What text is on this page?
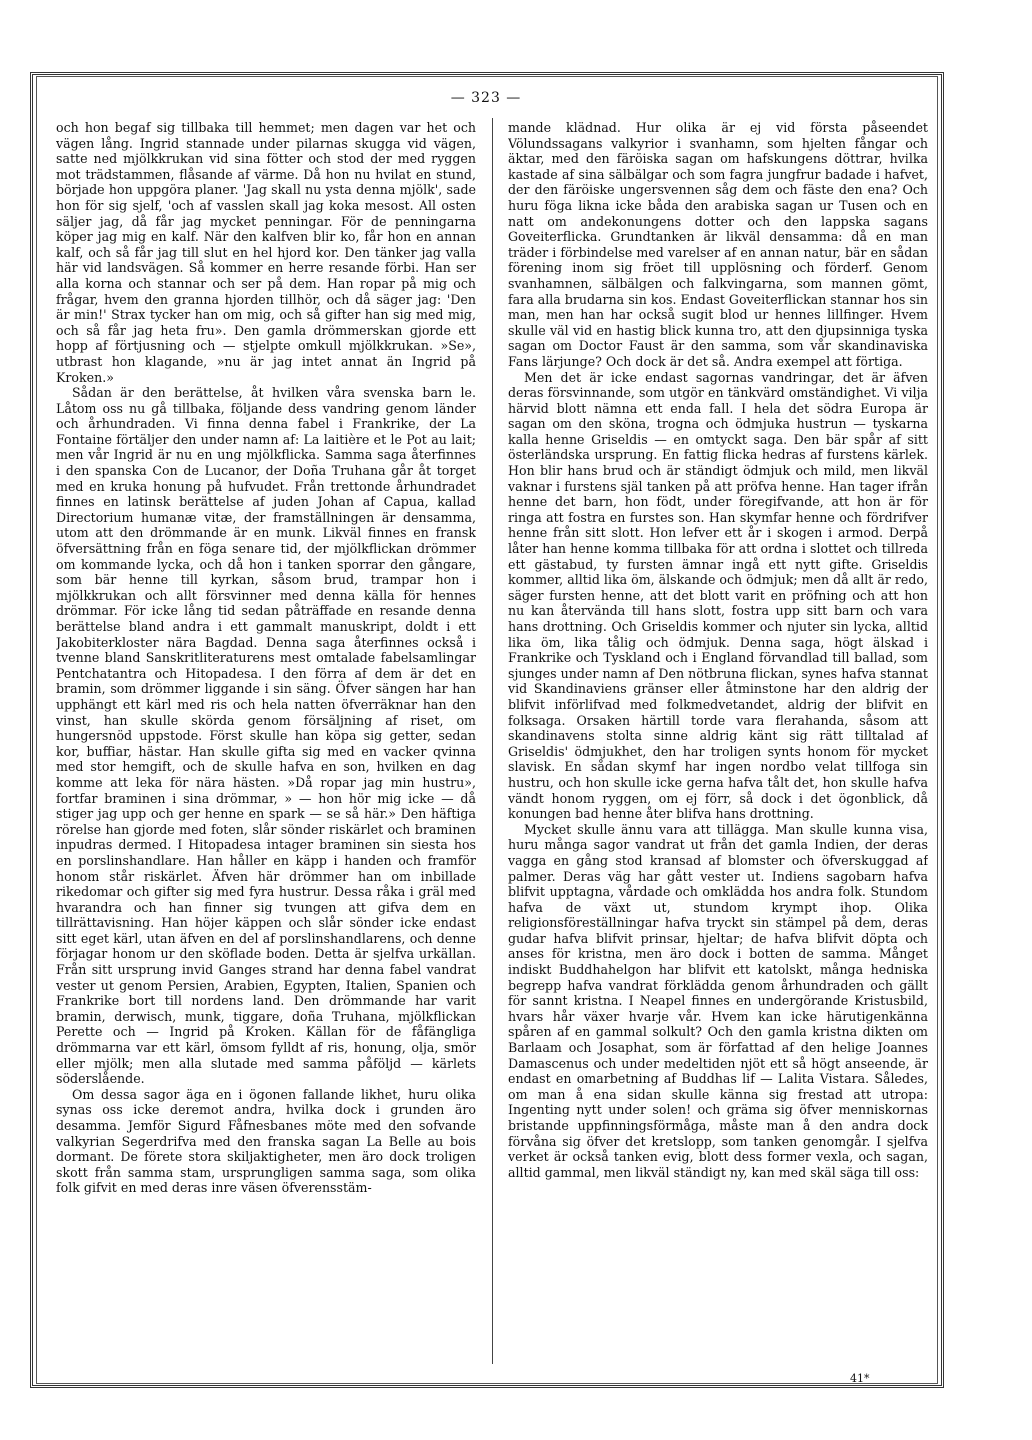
— 323 —

och hon begaf sig tillbaka till hemmet; men dagen var het och vägen lång. Ingrid stannade under pilarnas skugga vid vägen, satte ned mjölkkrukan vid sina fötter och stod der med ryggen mot trädstammen, flåsande af värme. Då hon nu hvilat en stund, började hon uppgöra planer. 'Jag skall nu ysta denna mjölk', sade hon för sig sjelf, 'och af vasslen skall jag koka mesost. All osten säljer jag, då får jag mycket penningar. För de penningarna köper jag mig en kalf. När den kalfven blir ko, får hon en annan kalf, och så får jag till slut en hel hjord kor. Den tänker jag valla här vid landsvägen. Så kommer en herre resande förbi. Han ser alla korna och stannar och ser på dem. Han ropar på mig och frågar, hvem den granna hjorden tillhör, och då säger jag: 'Den är min!' Strax tycker han om mig, och så gifter han sig med mig, och så får jag heta fru». Den gamla drömmerskan gjorde ett hopp af förtjusning och — stjelpte omkull mjölkkrukan. »Se», utbrast hon klagande, »nu är jag intet annat än Ingrid på Kroken.»

Sådan är den berättelse, åt hvilken våra svenska barn le. Låtom oss nu gå tillbaka, följande dess vandring genom länder och århundraden. Vi finna denna fabel i Frankrike, der La Fontaine förtäljer den under namn af: La laitière et le Pot au lait; men vår Ingrid är nu en ung mjölkflicka. Samma saga återfinnes i den spanska Con de Lucanor, der Doña Truhana går åt torget med en kruka honung på hufvudet. Från trettonde århundradet finnes en latinsk berättelse af juden Johan af Capua, kallad Directorium humanæ vitæ, der framställningen är densamma, utom att den drömmande är en munk. Likväl finnes en fransk öfversättning från en föga senare tid, der mjölkflickan drömmer om kommande lycka, och då hon i tanken sporrar den gångare, som bär henne till kyrkan, såsom brud, trampar hon i mjölkkrukan och allt försvinner med denna källa för hennes drömmar. För icke lång tid sedan påträffade en resande denna berättelse bland andra i ett gammalt manuskript, doldt i ett Jakobiterkloster nära Bagdad. Denna saga återfinnes också i tvenne bland Sanskritliteraturens mest omtalade fabelsamlingar Pentchatantra och Hitopadesa. I den förra af dem är det en bramin, som drömmer liggande i sin säng. Öfver sängen har han upphängt ett kärl med ris och hela natten öfverräknar han den vinst, han skulle skörda genom försäljning af riset, om hungersnöd uppstode. Först skulle han köpa sig getter, sedan kor, buffiar, hästar. Han skulle gifta sig med en vacker qvinna med stor hemgift, och de skulle hafva en son, hvilken en dag komme att leka för nära hästen. »Då ropar jag min hustru», fortfar braminen i sina drömmar, » — hon hör mig icke — då stiger jag upp och ger henne en spark — se så här.» Den häftiga rörelse han gjorde med foten, slår sönder riskärlet och braminen inpudras dermed. I Hitopadesa intager braminen sin siesta hos en porslinshandlare. Han håller en käpp i handen och framför honom står riskärlet. Äfven här drömmer han om inbillade rikedomar och gifter sig med fyra hustrur. Dessa råka i gräl med hvarandra och han finner sig tvungen att gifva dem en tillrättavisning. Han höjer käppen och slår sönder icke endast sitt eget kärl, utan äfven en del af porslinshandlarens, och denne förjagar honom ur den sköflade boden. Detta är sjelfva urkällan. Från sitt ursprung invid Ganges strand har denna fabel vandrat vester ut genom Persien, Arabien, Egypten, Italien, Spanien och Frankrike bort till nordens land. Den drömmande har varit bramin, derwisch, munk, tiggare, doña Truhana, mjölkflickan Perette och — Ingrid på Kroken. Källan för de fåfängliga drömmarna var ett kärl, ömsom fylldt af ris, honung, olja, smör eller mjölk; men alla slutade med samma påföljd — kärlets söderslående.

Om dessa sagor äga en i ögonen fallande likhet, huru olika synas oss icke deremot andra, hvilka dock i grunden äro desamma. Jemför Sigurd Fåfnesbanes möte med den sofvande valkyrian Segerdrifva med den franska sagan La Belle au bois dormant. De förete stora skiljaktigheter, men äro dock troligen skott från samma stam, ursprungligen samma saga, som olika folk gifvit en med deras inre väsen öfverensstäm-

mande klädnad. Hur olika är ej vid första påseendet Völundssagans valkyrior i svanhamn, som hjelten fångar och äktar, med den färöiska sagan om hafskungens döttrar, hvilka kastade af sina sälbälgar och som fagra jungfrur badade i hafvet, der den färöiske ungersvennen såg dem och fäste den ena? Och huru föga likna icke båda den arabiska sagan ur Tusen och en natt om andekonungens dotter och den lappska sagans Goveiterflicka. Grundtanken är likväl densamma: då en man träder i förbindelse med varelser af en annan natur, bär en sådan förening inom sig fröet till upplösning och förderf. Genom svanhamnen, sälbälgen och falkvingarna, som mannen gömt, fara alla brudarna sin kos. Endast Goveiterflickan stannar hos sin man, men han har också sugit blod ur hennes lillfinger. Hvem skulle väl vid en hastig blick kunna tro, att den djupsinniga tyska sagan om Doctor Faust är den samma, som vår skandinaviska Fans lärjunge? Och dock är det så. Andra exempel att förtiga.

Men det är icke endast sagornas vandringar, det är äfven deras försvinnande, som utgör en tänkvärd omständighet. Vi vilja härvid blott nämna ett enda fall. I hela det södra Europa är sagan om den sköna, trogna och ödmjuka hustrun — tyskarna kalla henne Griseldis — en omtyckt saga. Den bär spår af sitt österländska ursprung. En fattig flicka hedras af furstens kärlek. Hon blir hans brud och är ständigt ödmjuk och mild, men likväl vaknar i furstens själ tanken på att pröfva henne. Han tager ifrån henne det barn, hon födt, under föregifvande, att hon är för ringa att fostra en furstes son. Han skymfar henne och fördrifver henne från sitt slott. Hon lefver ett år i skogen i armod. Derpå låter han henne komma tillbaka för att ordna i slottet och tillreda ett gästabud, ty fursten ämnar ingå ett nytt gifte. Griseldis kommer, alltid lika öm, älskande och ödmjuk; men då allt är redo, säger fursten henne, att det blott varit en pröfning och att hon nu kan återvända till hans slott, fostra upp sitt barn och vara hans drottning. Och Griseldis kommer och njuter sin lycka, alltid lika öm, lika tålig och ödmjuk. Denna saga, högt älskad i Frankrike och Tyskland och i England förvandlad till ballad, som sjunges under namn af Den nötbruna flickan, synes hafva stannat vid Skandinaviens gränser eller åtminstone har den aldrig der blifvit införlifvad med folkmedvetandet, aldrig der blifvit en folksaga. Orsaken härtill torde vara flerahanda, såsom att skandinavens stolta sinne aldrig känt sig rätt tilltalad af Griseldis' ödmjukhet, den har troligen synts honom för mycket slavisk. En sådan skymf har ingen nordbo velat tillfoga sin hustru, och hon skulle icke gerna hafva tålt det, hon skulle hafva vändt honom ryggen, om ej förr, så dock i det ögonblick, då konungen bad henne åter blifva hans drottning.

Mycket skulle ännu vara att tillägga. Man skulle kunna visa, huru många sagor vandrat ut från det gamla Indien, der deras vagga en gång stod kransad af blomster och öfverskuggad af palmer. Deras väg har gått vester ut. Indiens sagobarn hafva blifvit upptagna, vårdade och omklädda hos andra folk. Stundom hafva de växt ut, stundom krympt ihop. Olika religionsföreställningar hafva tryckt sin stämpel på dem, deras gudar hafva blifvit prinsar, hjeltar; de hafva blifvit döpta och anses för kristna, men äro dock i botten de samma. Månget indiskt Buddhahelgon har blifvit ett katolskt, många hedniska begrepp hafva vandrat förklädda genom århundraden och gällt för sannt kristna. I Neapel finnes en undergörande Kristusbild, hvars hår växer hvarje vår. Hvem kan icke härutigenkänna spåren af en gammal solkult? Och den gamla kristna dikten om Barlaam och Josaphat, som är författad af den helige Joannes Damascenus och under medeltiden njöt ett så högt anseende, är endast en omarbetning af Buddhas lif — Lalita Vistara. Således, om man å ena sidan skulle känna sig frestad att utropa: Ingenting nytt under solen! och gräma sig öfver menniskornas bristande uppfinningsförmåga, måste man å den andra dock förvåna sig öfver det kretslopp, som tanken genomgår. I sjelfva verket är också tanken evig, blott dess former vexla, och sagan, alltid gammal, men likväl ständigt ny, kan med skäl säga till oss:

41*
